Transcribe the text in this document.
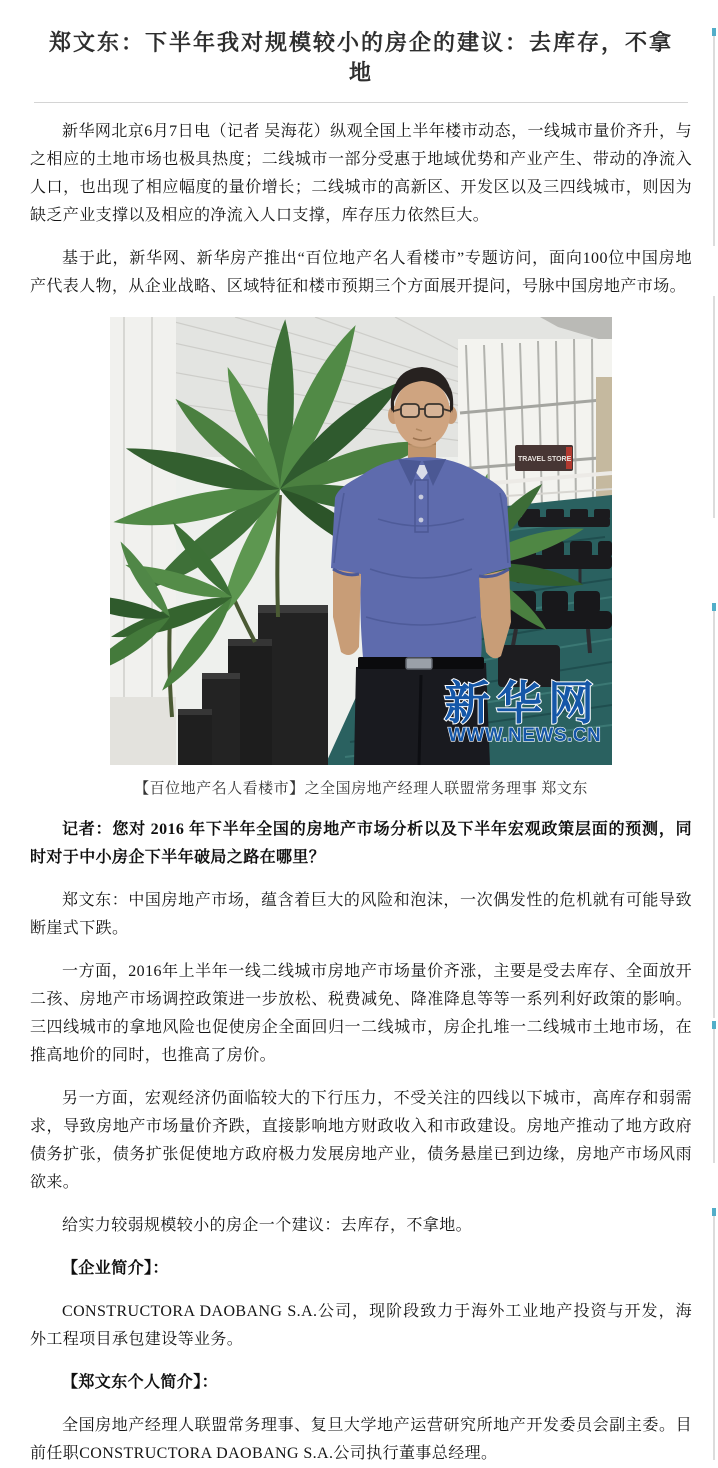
郑文东：下半年我对规模较小的房企的建议：去库存，不拿地

新华网北京6月7日电（记者 吴海花）纵观全国上半年楼市动态，一线城市量价齐升，与之相应的土地市场也极具热度；二线城市一部分受惠于地域优势和产业产生、带动的净流入人口，也出现了相应幅度的量价增长；二线城市的高新区、开发区以及三四线城市，则因为缺乏产业支撑以及相应的净流入人口支撑，库存压力依然巨大。

基于此，新华网、新华房产推出“百位地产名人看楼市”专题访问，面向100位中国房地产代表人物，从企业战略、区域特征和楼市预期三个方面展开提问，号脉中国房地产市场。

TRAVEL STORE
新华网
WWW.NEWS.CN
【百位地产名人看楼市】之全国房地产经理人联盟常务理事 郑文东

记者：您对 2016 年下半年全国的房地产市场分析以及下半年宏观政策层面的预测，同时对于中小房企下半年破局之路在哪里？

郑文东：中国房地产市场，蕴含着巨大的风险和泡沫，一次偶发性的危机就有可能导致断崖式下跌。

一方面，2016年上半年一线二线城市房地产市场量价齐涨，主要是受去库存、全面放开二孩、房地产市场调控政策进一步放松、税费减免、降准降息等等一系列利好政策的影响。三四线城市的拿地风险也促使房企全面回归一二线城市，房企扎堆一二线城市土地市场，在推高地价的同时，也推高了房价。

另一方面，宏观经济仍面临较大的下行压力，不受关注的四线以下城市，高库存和弱需求，导致房地产市场量价齐跌，直接影响地方财政收入和市政建设。房地产推动了地方政府债务扩张，债务扩张促使地方政府极力发展房地产业，债务悬崖已到边缘，房地产市场风雨欲来。

给实力较弱规模较小的房企一个建议：去库存，不拿地。

【企业简介】：

CONSTRUCTORA DAOBANG S.A.公司，现阶段致力于海外工业地产投资与开发，海外工程项目承包建设等业务。

【郑文东个人简介】：

全国房地产经理人联盟常务理事、复旦大学地产运营研究所地产开发委员会副主委。目前任职CONSTRUCTORA DAOBANG S.A.公司执行董事总经理。
